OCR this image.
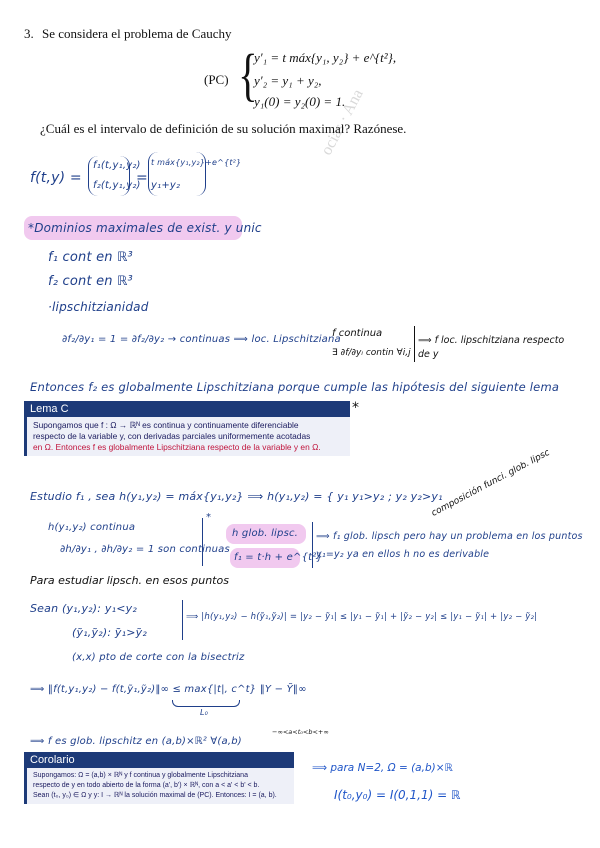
ocias · Ana
3. Se considera el problema de Cauchy
(PC) {
y′₁ = t máx{y₁, y₂} + e^{t²},
y′₂ = y₁ + y₂,
y₁(0) = y₂(0) = 1.
¿Cuál es el intervalo de definición de su solución maximal? Razónese.
f(t,y) =
f₁(t,y₁,y₂)
f₂(t,y₁,y₂)
=
t máx{y₁,y₂}+e^{t²}
y₁+y₂
*Dominios maximales de exist. y unic
f₁ cont en ℝ³
f₂ cont en ℝ³
·lipschitzianidad
∂f₂/∂y₁ = 1 = ∂f₂/∂y₂ → continuas ⟹ loc. Lipschitziana
f continua
∃ ∂f/∂yᵢ contin ∀i,j
⟹ f loc. lipschitziana respecto de y
Entonces f₂ es globalmente Lipschitziana porque cumple las hipótesis del siguiente lema
Lema C
Supongamos que f : Ω → ℝᴺ es continua y continuamente diferenciable
respecto de la variable y, con derivadas parciales uniformemente acotadas
en Ω. Entonces f es globalmente Lipschitziana respecto de la variable y en Ω.
*
Estudio f₁ , sea h(y₁,y₂) = máx{y₁,y₂} ⟹ h(y₁,y₂) = { y₁ y₁>y₂ ; y₂ y₂>y₁
composición funci. glob. lipsc
h(y₁,y₂) continua
∂h/∂y₁ , ∂h/∂y₂ = 1 son continuas
*
h glob. lipsc.
f₁ = t·h + e^{t²}
⟹ f₁ glob. lipsch pero hay un problema en los puntos y₁=y₂ ya en ellos h no es derivable
Para estudiar lipsch. en esos puntos
Sean (y₁,y₂): y₁<y₂
(ỹ₁,ỹ₂): ỹ₁>ỹ₂
⟹ |h(y₁,y₂) − h(ỹ₁,ỹ₂)| = |y₂ − ỹ₁| ≤ |y₁ − ỹ₁| + |ỹ₂ − y₂| ≤ |y₁ − ỹ₁| + |y₂ − ỹ₂|
(x,x) pto de corte con la bisectriz
⟹ ‖f(t,y₁,y₂) − f(t,ỹ₁,ỹ₂)‖∞ ≤ max{|t|, c^t} ‖Y − Ỹ‖∞
L₀
⟹ f es glob. lipschitz en (a,b)×ℝ² ∀(a,b)
−∞<a<t₀<b<+∞
Corolario
Supongamos: Ω = (a,b) × ℝᴺ y f continua y globalmente Lipschitziana
respecto de y en todo abierto de la forma (a', b') × ℝᴺ, con a < a' < b' < b.
Sean (t₀, y₀) ∈ Ω y y: I → ℝᴺ la solución maximal de (PC). Entonces: I = (a, b).
⟹ para N=2, Ω = (a,b)×ℝ
I(t₀,y₀) = I(0,1,1) = ℝ
